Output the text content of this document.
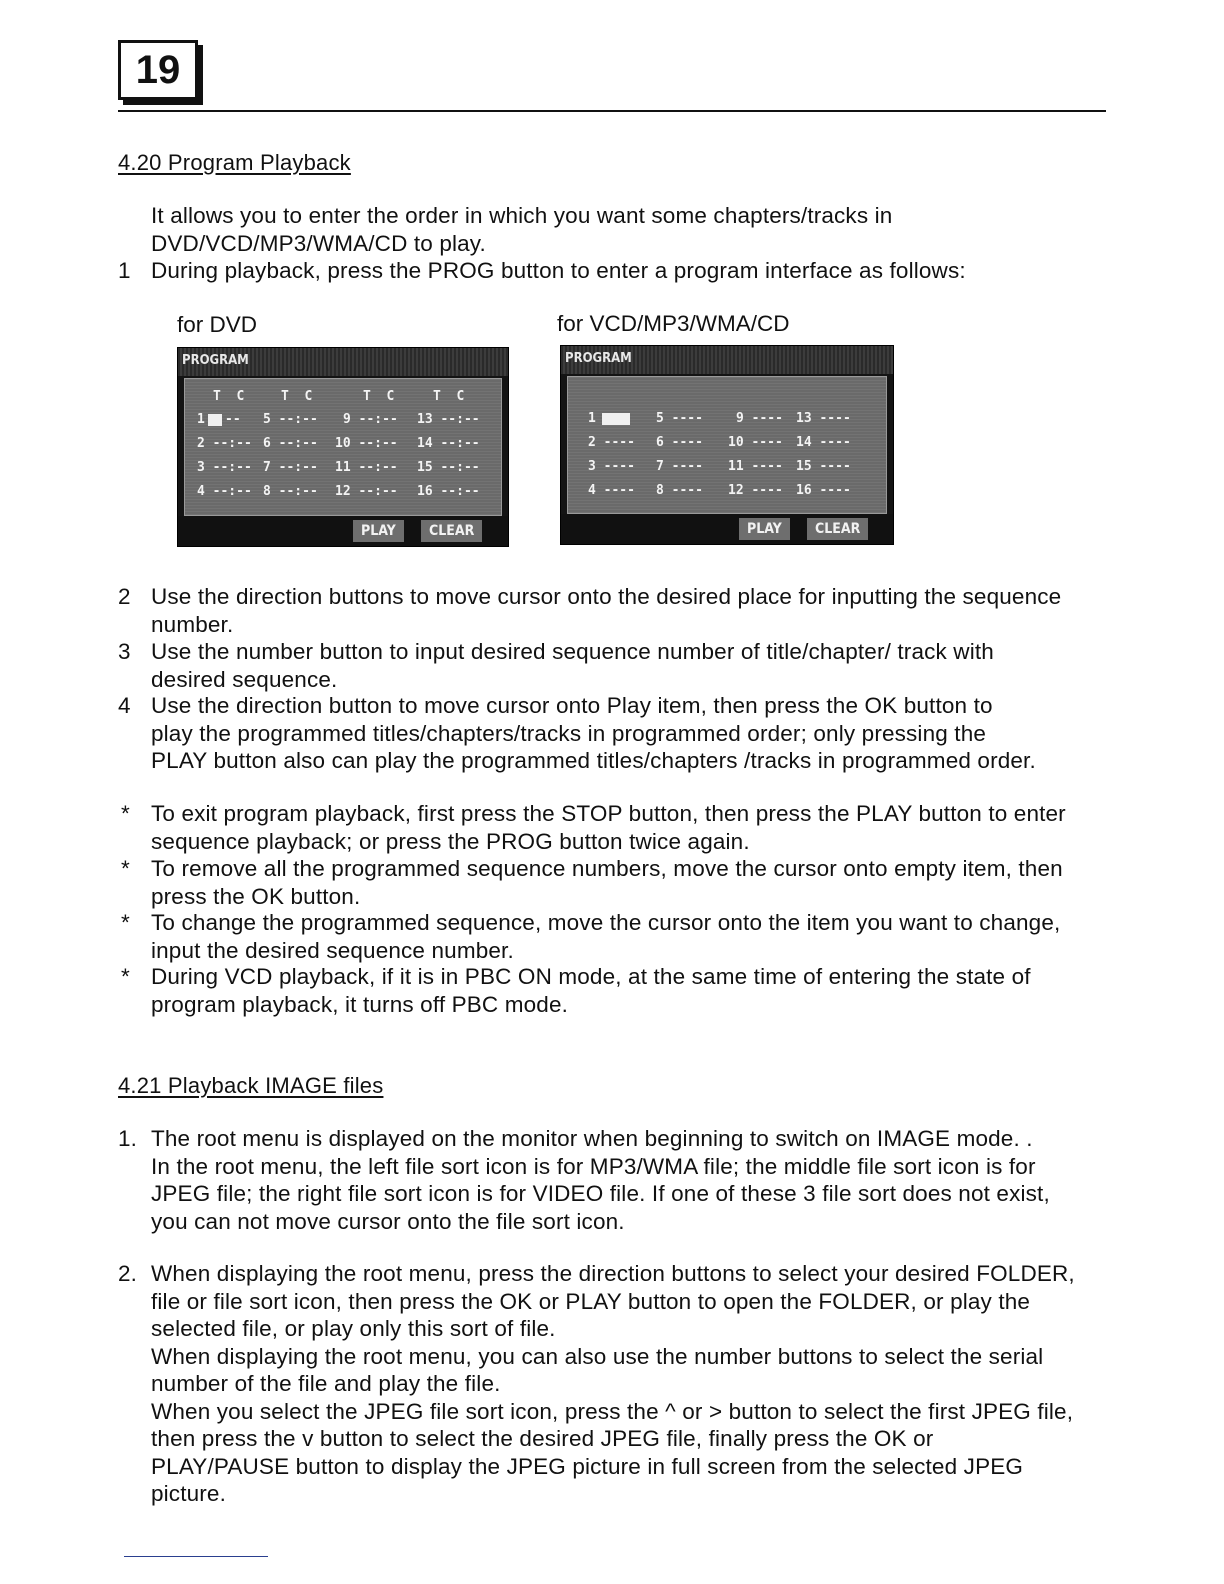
19
4.20 Program Playback
It allows you to enter the order in which you want some chapters/tracks in DVD/VCD/MP3/WMA/CD to play.
1 During playback, press the PROG button to enter a program interface as follows:
for DVD	for VCD/MP3/WMA/CD
PROGRAM
T  C	T  C	T  C	T  C
1 -- 5 --:-- 9 --:-- 13 --:--
2 --:-- 6 --:-- 10 --:-- 14 --:--
3 --:-- 7 --:-- 11 --:-- 15 --:--
4 --:-- 8 --:-- 12 --:-- 16 --:--
PLAY	CLEAR
PROGRAM
1	5 ----	9 ---- 13 ----
2 ---- 6 ---- 10 ---- 14 ----
3 ---- 7 ---- 11 ---- 15 ----
4 ---- 8 ---- 12 ---- 16 ----
PLAY	CLEAR
2 Use the direction buttons to move cursor onto the desired place for inputting the sequence number.
3 Use the number button to input desired sequence number of title/chapter/ track with desired sequence.
4 Use the direction button to move cursor onto Play item, then press the OK button to play the programmed titles/chapters/tracks in programmed order; only pressing the PLAY button also can play the programmed titles/chapters /tracks in programmed order.
* To exit program playback, first press the STOP button, then press the PLAY button to enter sequence playback; or press the PROG button twice again.
* To remove all the programmed sequence numbers, move the cursor onto empty item, then press the OK button.
* To change the programmed sequence, move the cursor onto the item you want to change, input the desired sequence number.
* During VCD playback, if it is in PBC ON mode, at the same time of entering the state of program playback, it turns off PBC mode.
4.21 Playback IMAGE files
1. The root menu is displayed on the monitor when beginning to switch on IMAGE mode. .
In the root menu, the left file sort icon is for MP3/WMA file; the middle file sort icon is for JPEG file; the right file sort icon is for VIDEO file. If one of these 3 file sort does not exist, you can not move cursor onto the file sort icon.
2. When displaying the root menu, press the direction buttons to select your desired FOLDER, file or file sort icon, then press the OK or PLAY button to open the FOLDER, or play the selected file, or play only this sort of file.
When displaying the root menu, you can also use the number buttons to select the serial number of the file and play the file.
When you select the JPEG file sort icon, press the ^ or > button to select the first JPEG file, then press the v button to select the desired JPEG file, finally press the OK or PLAY/PAUSE button to display the JPEG picture in full screen from the selected JPEG picture.
